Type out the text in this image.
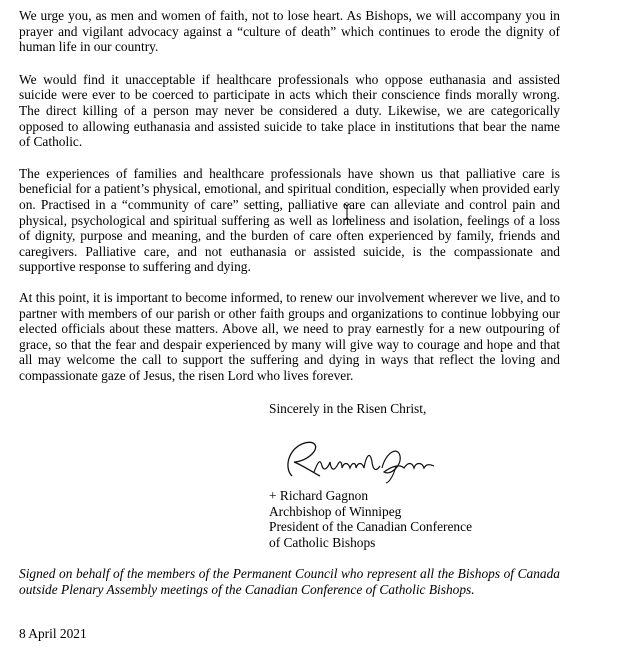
We urge you, as men and women of faith, not to lose heart. As Bishops, we will accompany you in prayer and vigilant advocacy against a “culture of death” which continues to erode the dignity of human life in our country.

We would find it unacceptable if healthcare professionals who oppose euthanasia and assisted suicide were ever to be coerced to participate in acts which their conscience finds morally wrong. The direct killing of a person may never be considered a duty. Likewise, we are categorically opposed to allowing euthanasia and assisted suicide to take place in institutions that bear the name of Catholic.

The experiences of families and healthcare professionals have shown us that palliative care is beneficial for a patient’s physical, emotional, and spiritual condition, especially when provided early on. Practised in a “community of care” setting, palliative care can alleviate and control pain and physical, psychological and spiritual suffering as well as loneliness and isolation, feelings of a loss of dignity, purpose and meaning, and the burden of care often experienced by family, friends and caregivers. Palliative care, and not euthanasia or assisted suicide, is the compassionate and supportive response to suffering and dying.

At this point, it is important to become informed, to renew our involvement wherever we live, and to partner with members of our parish or other faith groups and organizations to continue lobbying our elected officials about these matters. Above all, we need to pray earnestly for a new outpouring of grace, so that the fear and despair experienced by many will give way to courage and hope and that all may welcome the call to support the suffering and dying in ways that reflect the loving and compassionate gaze of Jesus, the risen Lord who lives forever.

Sincerely in the Risen Christ,
+ Richard Gagnon
Archbishop of Winnipeg
President of the Canadian Conference
of Catholic Bishops
Signed on behalf of the members of the Permanent Council who represent all the Bishops of Canada outside Plenary Assembly meetings of the Canadian Conference of Catholic Bishops.
8 April 2021
